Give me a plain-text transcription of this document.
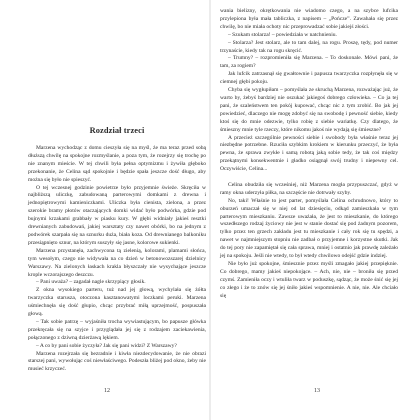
Rozdział trzeci

Marzena wychodząc z domu cieszyła się na myśl, że ma teraz przed sobą dłuższą chwilę na spokojne rozmyślanie, a poza tym, że rozejrzy się trochę po nie znanym mieście. W tej chwili była pełna optymizmu i żywiła głęboko przekonanie, że Celina sąd spokojnie i będzie spała jeszcze dość długo, aby można się było nie spieszyć.

O tej wczesnej godzinie powietrze było przyjemnie świeże. Skręciła w najbliższą uliczkę, zabudowaną parterowymi domkami z drewna i jednopiętrowymi kamieniczkami. Uliczka była cienista, zielona, a przez szerokie bramy płotów otaczających domki widać było podwórka, gdzie pod bujnymi krzakami grabbały w piasku kury. W głębi widniały jakieś resztki drewnianych zabudowań, jakiej warsztaty czy nawet obórki, bo na jednym z podwórek szarpała się na sznurku duża, biała koza. Od drewnianego balkoniku przesiąpnięto sznur, na którym suszyły się jasne, kolorowe sukienki.

Marzena przystanęła, zachwycona tą zielenią, kolorami, plamami słońca, tym wesołym, czego nie widywała na co dzień w betonowozszarej dzielnicy Warszawy. Na zielonych łaskach krakla błyszczały nie wysychające jeszcze krople wczorajszego deszczu.

– Pani uważa? – zagadał nagle skrzypiący głosik.

Z okna wysokiego parteru, tuż nad jej głową, wychylała się żółta twarzyczka starusza, otoczona kasztanowatymi loczkami peruki. Marzena uśmiechnęła się dość głupio, chcąc przybrać miłą uprzejmość, pospuszała głową.

– Tak sobie patrzę – wyjaśniła trocha wywiastującym, bo papusze główka przekręcała się na szyjce i przyglądała jej się z rodzajem zaciekawienia, połączonego z dziwną dzierżawą lękiem.

– A co by pani sobie życzyła? Jak się pani widzi? Z Warszawy?

Marzena rozejrzała się bezradnie i kiwła niezdecydowanie, że nie obrazi starszej pani, wywołując coś niewłaściwego. Podeszła bliżej pod okno, żeby nie musieć krzyczeć.

12

wania bielizny, okrętkowania nie wiadomo czego, a na szybce lufcika przylepiona była mała tabliczka, z napisem – „Pończe”. Zawahała się przez chwilę, bo nie miała ochoty nic przeprowadzać sobie jakiejś złości.

– Szukam stolarza! – powiedziała w natchnieniu.

– Stolarza? Jest stolarz, ale to tam dalej, na rogu. Proszę, tędy, pod numer trzynaście, kiedy tak na rogu skręcić.

– Trumny? – rozpromieniła się Marzena. – To doskonale. Mówi pani, że tam, za rogiem?

Jak lufcik zatrzasnął się gwałtownie i papusza twarzyczka rozpłynęła się w ciemnej głębi pokoju.

Chyba się wygłupiłam – pomyślała ze skruchą Marzena, rozważając już, że warto by, żebyś bardziej nie oszukać jakiegoś dobrego człowieka. – Co ja tej pani, że szaleństwem ten pokój kupować, chcąc nic z tym zrobić. Bo jak jej powiedzieć, dlaczego nie mogę zdobyć się na swobodę i pewność siebie, kiedy ktoś się do mnie odezwie, tylko robię z siebie wariatkę. Czy dlatego, że śmieszny mnie tyle rzeczy, które nikomu jakoś nie wydają się śmieszne?

A przecież szczególnie pewności siebie i swobody była właśnie teraz jej niezbędne potrzebne. Rzuciła szybkim krokiem w kierunku przeczyć, że była pewna, że sprawa zwykłe i samą robotą jaką sobie tedy, że tak coś między przekątnymi konsekwentnie i gładko osiągnął swój trudny i niepewny cel. Oczywiście, Celina...

Celina obudziła się wcześniej, niż Marzena mogła przypuszczać, gdyż w ramy okna uderzyła piłka, na szczęście nie dotrwały szyby.

No, taki! Właśnie to jest parter, pomyślała Celina ochrudnowo, który to oburzeń umaczał się w niej od lat dziesięciu, odkąd zamieszkała w tym parterowym mieszkaniu. Zawsze uważała, że jest to mieszkanie, do którego wszedłszego rodzaj życiowy nie jest w stanie dostać się pod żadnym pozorem, tylko przez ten grzech zakładu jest tu mieszkanie i cały rok się tu spędzi, a nawet w najmniejszym stopniu nie zadbał o przyjemne i korzystne skutki. Jak do tej pory nie zapamiętał się cała sprawa, mniej i ostatnio jak prawdę zależało jej na spokoju. Jeśli nie wtedy, to był wtedy chwilowo odejść gdzie indziej.

Nie było już spokojne, śmiesznie przez myśli zmagało jakiej przepięknie. Co dobrego, mamy jakieś niepokojące. – Ach, nie, nie – broniła się przed czymś. Zamieniła oczy i wtuliła twarz w poduszkę, sądząc, że może śnić się jej co złego i że to znów się jej śniło jakieś wspomnienie. A nie, nie. Ale chciało się

13
